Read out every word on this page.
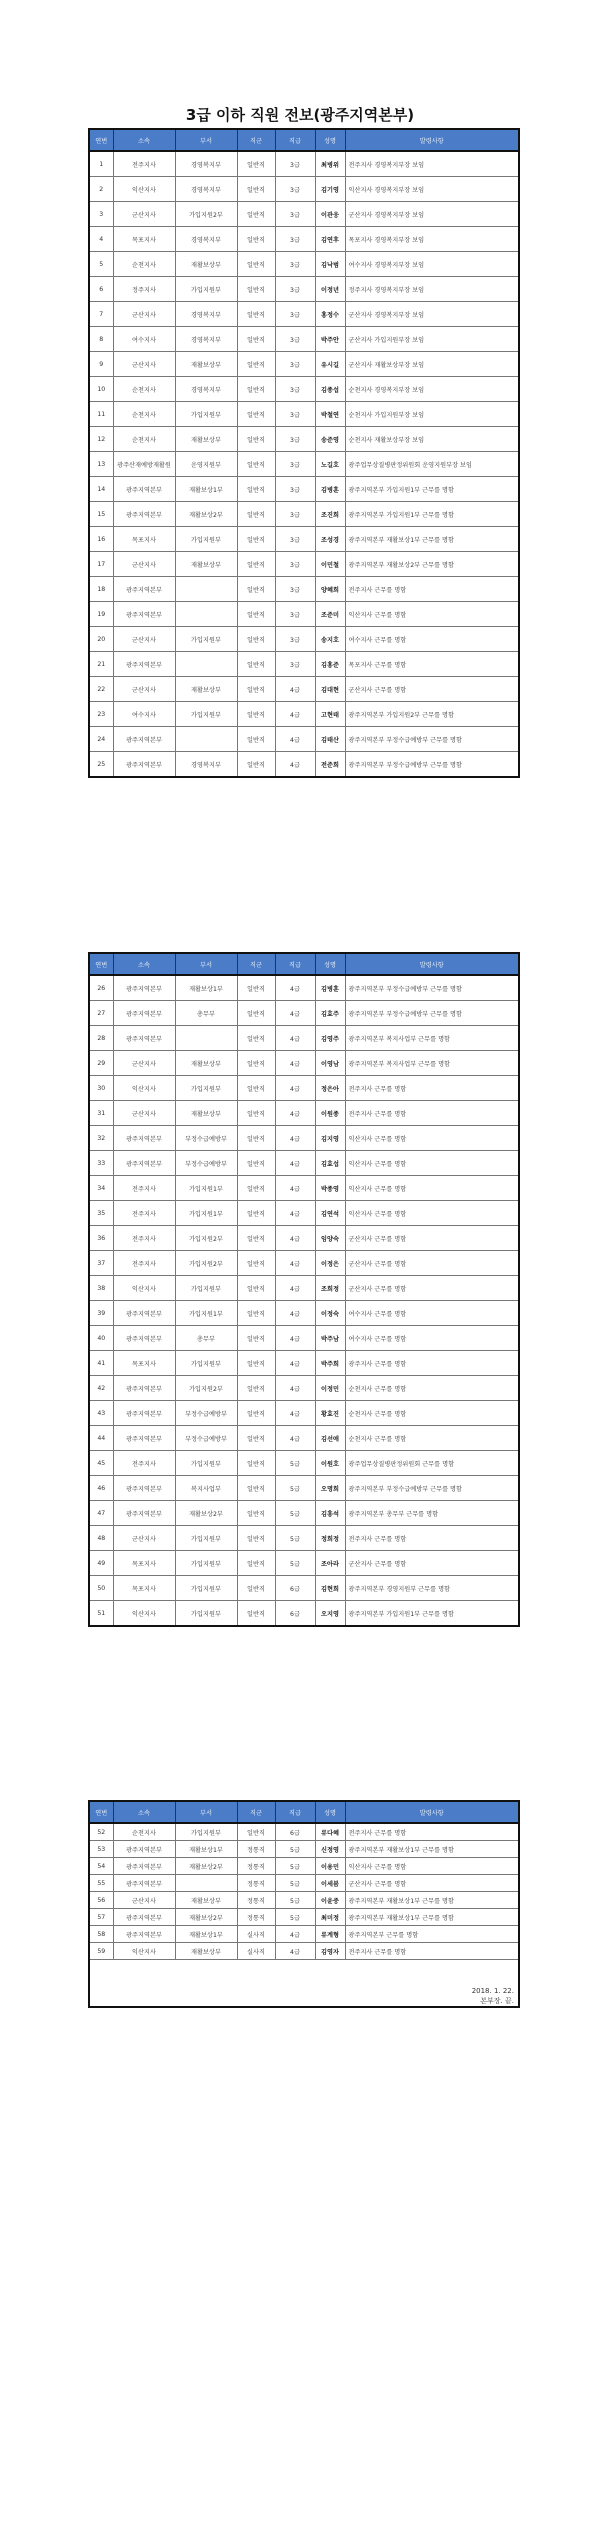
3급 이하 직원 전보(광주지역본부)
연번	소속	부서	직군	직급	성명	발령사항
1	전주지사	경영복지부	일반직	3급	최병위	전주지사 경영복지부장 보임
2	익산지사	경영복지부	일반직	3급	김기영	익산지사 경영복지부장 보임
3	군산지사	가입지원2부	일반직	3급	이관웅	군산지사 경영복지부장 보임
4	목포지사	경영복지부	일반직	3급	김연후	목포지사 경영복지부장 보임
5	순천지사	재활보상부	일반직	3급	김낙범	여수지사 경영복지부장 보임
6	정주지사	가입지원부	일반직	3급	이정년	정주지사 경영복지부장 보임
7	군산지사	경영복지부	일반직	3급	홍정수	군산지사 경영복지부장 보임
8	여수지사	경영복지부	일반직	3급	박주안	군산지사 가입지원부장 보임
9	군산지사	재활보상부	일반직	3급	유시길	군산지사 재활보상부장 보임
10	순천지사	경영복지부	일반직	3급	김종섭	순천지사 경영복지부장 보임
11	순천지사	가입지원부	일반직	3급	박철연	순천지사 가입지원부장 보임
12	순천지사	재활보상부	일반직	3급	송준영	순천지사 재활보상부장 보임
13	광주산재예방재활원	운영지원부	일반직	3급	노길호	광주업무상질병판정위원회 운영지원부장 보임
14	광주지역본부	재활보상1부	일반직	3급	김병훈	광주지역본부 가입지원1부 근무를 명함
15	광주지역본부	재활보상2부	일반직	3급	조진희	광주지역본부 가입지원1부 근무를 명함
16	목포지사	가입지원부	일반직	3급	조성경	광주지역본부 재활보상1부 근무를 명함
17	군산지사	재활보상부	일반직	3급	이민철	광주지역본부 재활보상2부 근무를 명함
18	광주지역본부		일반직	3급	양혜희	전주지사 근무를 명함
19	광주지역본부		일반직	3급	조준미	익산지사 근무를 명함
20	군산지사	가입지원부	일반직	3급	송지호	여수지사 근무를 명함
21	광주지역본부		일반직	3급	김홍준	목포지사 근무를 명함
22	군산지사	재활보상부	일반직	4급	김대현	군산지사 근무를 명함
23	여수지사	가입지원부	일반직	4급	고현태	광주지역본부 가입지원2부 근무를 명함
24	광주지역본부		일반직	4급	김태산	광주지역본부 부정수급예방부 근무를 명함
25	광주지역본부	경영복지부	일반직	4급	전준희	광주지역본부 부정수급예방부 근무를 명함
연번	소속	부서	직군	직급	성명	발령사항
26	광주지역본부	재활보상1부	일반직	4급	김병훈	광주지역본부 부정수급예방부 근무를 명함
27	광주지역본부	총무부	일반직	4급	김효주	광주지역본부 부정수급예방부 근무를 명함
28	광주지역본부		일반직	4급	김영주	광주지역본부 복지사업부 근무를 명함
29	군산지사	재활보상부	일반직	4급	이영남	광주지역본부 복지사업부 근무를 명함
30	익산지사	가입지원부	일반직	4급	정은아	전주지사 근무를 명함
31	군산지사	재활보상부	일반직	4급	이원종	전주지사 근무를 명함
32	광주지역본부	부정수급예방부	일반직	4급	김지영	익산지사 근무를 명함
33	광주지역본부	부정수급예방부	일반직	4급	김효섭	익산지사 근무를 명함
34	전주지사	가입지원1부	일반직	4급	박종영	익산지사 근무를 명함
35	전주지사	가입지원1부	일반직	4급	김연석	익산지사 근무를 명함
36	전주지사	가입지원2부	일반직	4급	임양숙	군산지사 근무를 명함
37	전주지사	가입지원2부	일반직	4급	이정은	군산지사 근무를 명함
38	익산지사	가입지원부	일반직	4급	조희정	군산지사 근무를 명함
39	광주지역본부	가입지원1부	일반직	4급	이정숙	여수지사 근무를 명함
40	광주지역본부	총무부	일반직	4급	박주남	여수지사 근무를 명함
41	목포지사	가입지원부	일반직	4급	박주희	광주지사 근무를 명함
42	광주지역본부	가입지원2부	일반직	4급	이정민	순천지사 근무를 명함
43	광주지역본부	부정수급예방부	일반직	4급	황효진	순천지사 근무를 명함
44	광주지역본부	부정수급예방부	일반직	4급	김선애	순천지사 근무를 명함
45	전주지사	가입지원부	일반직	5급	이원호	광주업무상질병판정위원회 근무를 명함
46	광주지역본부	복지사업부	일반직	5급	오명희	광주지역본부 부정수급예방부 근무를 명함
47	광주지역본부	재활보상2부	일반직	5급	김흥석	광주지역본부 총무부 근무를 명함
48	군산지사	가입지원부	일반직	5급	정희정	전주지사 근무를 명함
49	목포지사	가입지원부	일반직	5급	조아라	군산지사 근무를 명함
50	목포지사	가입지원부	일반직	6급	김현희	광주지역본부 경영지원부 근무를 명함
51	익산지사	가입지원부	일반직	6급	오지영	광주지역본부 가입지원1부 근무를 명함
연번	소속	부서	직군	직급	성명	발령사항
52	순천지사	가입지원부	일반직	6급	류다혜	전주지사 근무를 명함
53	광주지역본부	재활보상1부	정통직	5급	신정영	광주지역본부 재활보상1부 근무를 명함
54	광주지역본부	재활보상2부	정통직	5급	이용민	익산지사 근무를 명함
55	광주지역본부		정통직	5급	이세봄	군산지사 근무를 명함
56	군산지사	재활보상부	정통직	5급	이윤중	광주지역본부 재활보상1부 근무를 명함
57	광주지역본부	재활보상2부	정통직	5급	최미정	광주지역본부 재활보상1부 근무를 명함
58	광주지역본부	재활보상1부	실사직	4급	류계형	광주지역본부 근무를 명함
59	익산지사	재활보상부	실사직	4급	김영자	전주지사 근무를 명함

2018. 1. 22.
본부장. 끝.						
